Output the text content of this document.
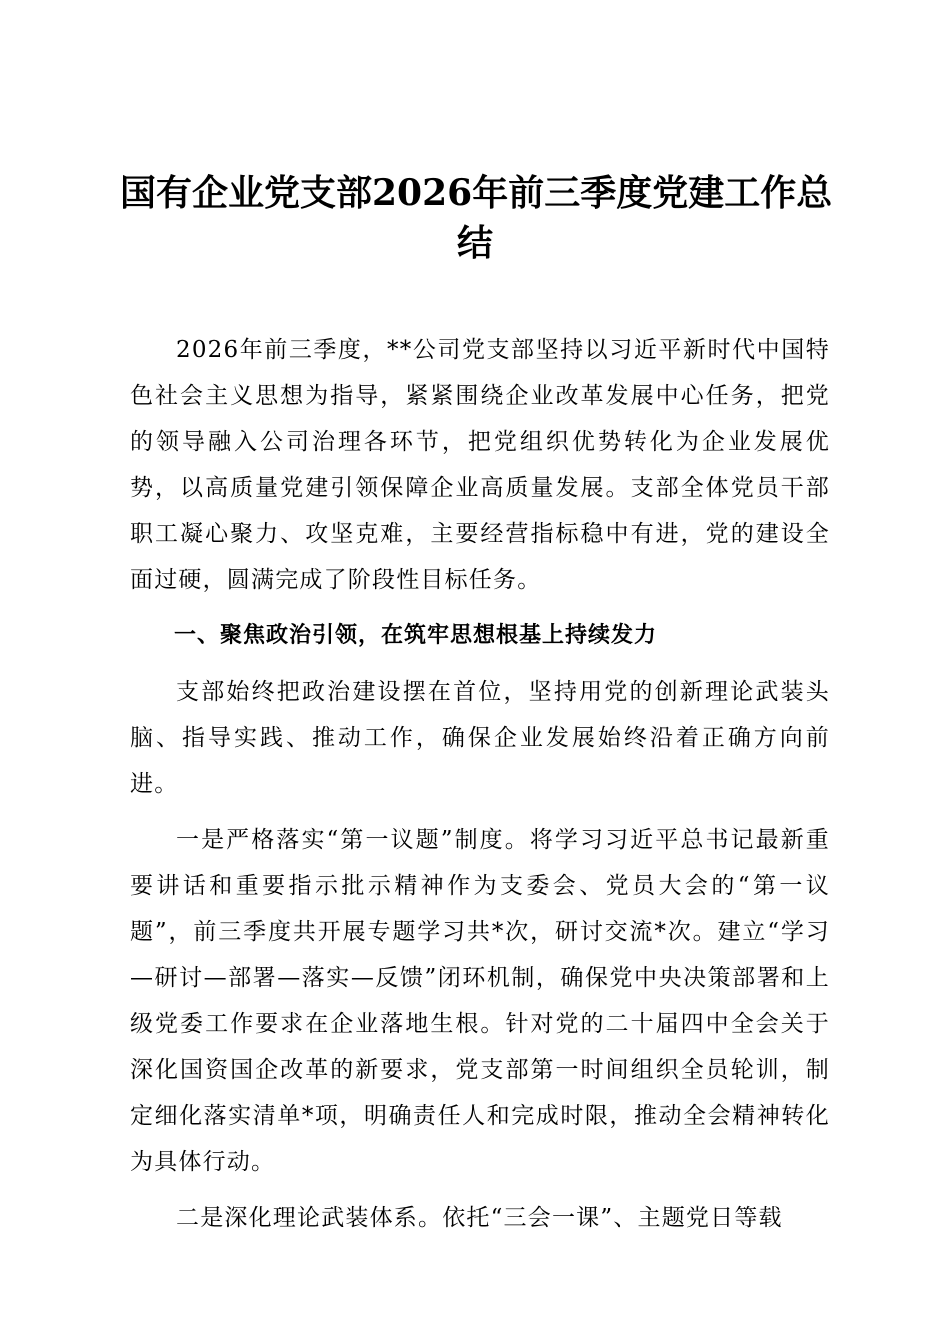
国有企业党支部2026年前三季度党建工作总
结

2026年前三季度，**公司党支部坚持以习近平新时代中国特色社会主义思想为指导，紧紧围绕企业改革发展中心任务，把党的领导融入公司治理各环节，把党组织优势转化为企业发展优势，以高质量党建引领保障企业高质量发展。支部全体党员干部职工凝心聚力、攻坚克难，主要经营指标稳中有进，党的建设全面过硬，圆满完成了阶段性目标任务。

一、聚焦政治引领，在筑牢思想根基上持续发力

支部始终把政治建设摆在首位，坚持用党的创新理论武装头脑、指导实践、推动工作，确保企业发展始终沿着正确方向前进。

一是严格落实“第一议题”制度。将学习习近平总书记最新重要讲话和重要指示批示精神作为支委会、党员大会的“第一议题”，前三季度共开展专题学习共*次，研讨交流*次。建立“学习—研讨—部署—落实—反馈”闭环机制，确保党中央决策部署和上级党委工作要求在企业落地生根。针对党的二十届四中全会关于深化国资国企改革的新要求，党支部第一时间组织全员轮训，制定细化落实清单*项，明确责任人和完成时限，推动全会精神转化为具体行动。

二是深化理论武装体系。依托“三会一课”、主题党日等载
